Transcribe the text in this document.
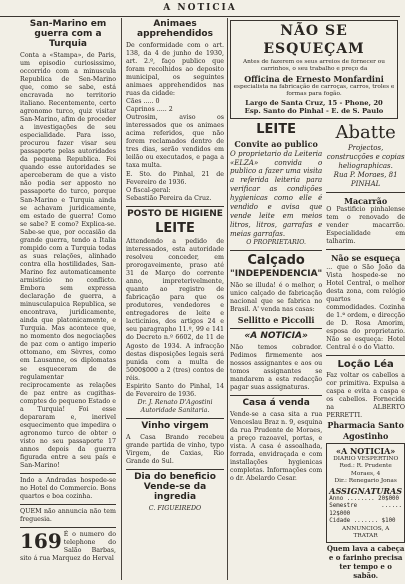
A NOTICIA
San-Marino em guerra com a Turquia
Conta a «Stampa», de Paris, um episodio curiosissimo, occorrido com a minuscula Republica de Sen-Marino que, como se sabe, está encravada no territorio italiano. Recentemente, certo agronomo turco, quiz visitar San-Marino, afim de proceder a investigações de seu especialidade. Para isso, procurou fazer visar seu passaporte pelas autoridades da pequena Republica. Foi quando esse autoridades se aperceberam de que a visto não podia ser apposto no passaporte do turco, porque San-Marino e Turquia ainda se achavam juridicamente, em estado de guerra! Como se sabe? E como? Explica-se. Sabe-se que, por occasião da grande guerra, tendo a Italia rompido com a Turquia todas as suas relações, alinhado contra ella hostilidades, San-Marino fez automaticamente armistício no conflicto. Embora sem expressa declaração de guerra, a minusculapuica Republica, se encontrava, juridicamente, ainda que platonicamente, e Turquia. Mas acontece que, no momento dos negociações de paz com o antigo imperio ottomano, em Sèvres, como em Lausanne, os diplomatas se esqueceram de de regulamentar reciprocamente as relações de paz entre as cugithas-comptes do pequeno Estado e a Turquia! Foi esse depararam e, inerivel esquecimento que impedira o agronomo turco de obter o visto no seu passaporte 17 annos depois da guerra figurada entre a seu país e San-Marino!
Indo a Andradas hospede-se no Hotel do Commercio. Bons quartos e boa cozinha.
QUEM não annuncia não tem freguesia.
169 É o numero do telephone do Salão Barbas, sito á rua Marquez do Herval
Animaes apprehendidos
De conformidade com o art. 138, da 4 de junho de 1930, art. 2.º, faço publico que foram recolhidos ao deposito municipal, os seguintes animaes apprehendidos nas ruas da cidade:
Cães ..... 0
Caprinos ..... 2
Outrosim, aviso os interessados que os animaes acima referidos, que não forem reclamados dentro de tres dias, serão vendidos em leilão ou executados, e paga a taxa multa.
E. Sto. do Pinhal, 21 de Fevereiro de 1936.
O fiscal-geral:
Sebastião Pereira da Cruz.
POSTO DE HIGIENE
LEITE
Attendendo a pedido de interessados, esta autoridade resolveu conceder, em prorogaveimente, praso até 31 de Março do corrente anno, impreterivelmente, quanto ao registro de fabricação para que os produtores, vendedores e entregadores de leite e lacticinios, dos artigos 24 e seu paragrapho 11.º, 99 e 141 do Decreto n.º 6602, de 11 de Agosto de 1934. A infracção destas disposições legais será punida com a multa de 5000$000 a 2 (tres) contos de réis.
Espirito Santo do Pinhal, 14 de Fevereiro de 1936.
Dr. J. Renato D'Agostini
Autoridade Sanitaria.
Vinho virgem
A Casa Brando recebeu grande partida de vinho, typo Virgem, de Caxias, Rio Grande do Sul.
Dia do beneficio Vende-se da ingredia
C. FIGUEIREDO
NÃO SE ESQUEÇAM
Antes de fazerem os seus arreios de fornecer ou carrinhos, o seu trabalho e preço da
Officina de Ernesto Monfardini
especialista na fabricação de carroças, carros, troles e formas para fogão.
Largo de Santa Cruz, 15 - Phone, 20
Esp. Santo do Pinhal - E. de S. Paulo
LEITE
Convite ao publico
O proprietario da Leiteria «ELZA» convida o publico a fazer uma visita a referida leiteria para verificar as condições hygienicas como elle é vendido e avisa que vende leite em meios litros, litros, garrafas e meias garrafas.
O PROPRIETARIO.
Calçado
"INDEPENDENCIA"
Não se illuda! é o melhor, o unico calçado de fabricação nacional que se fabrica no Brasil. A' venda nas casas:
Sellitto e Piccolli
«A NOTICIA»
Não temos cobrador. Pedimos firmemente aos nossos assignantes e aos ou tomos assignantes se mandarem a esta redacção pagar suas assignaturas.
Casa á venda
Vende-se a casa sita a rua Venceslau Braz n. 9, esquina da rua Prudente de Moraes, a preço razoavel, portas, e vista. A casa é assoalhada, forrada, envidraçada e com installações hygienicas completas. Informações com o dr. Abelardo Cesar.
Abatte
Projectos, construcções e copias heliographicas.
Rua P. Moraes, 81
PINHAL
Macarrão
O Pastificio pinhalense tem o renovado de vender macarrão. Especialidade em talharim.
Não se esqueça
... que o São João da Vista hospede-se no Hotel Central, o melhor desta zona, com relógio quartos e commodidades. Cozinha de 1.ª ordem, e direcção de D. Rosa Amorim, esposa do proprietario. Não se esqueça: Hotel Central é o do Viatto.
Loção Léa
Faz voltar os cabellos a cor primitiva. Expulsa a caspa e evita a caspa e os cabellos. Fornecida na ALBERTO PERRETTI.
Pharmacia Santo Agostinho
«A NOTICIA»
DIARIO VESPERTINO
Red.: R. Prudente Moraes, 4
Dir.: Renegario Jonas
ASSIGNATURAS
Anno ........ 20$000
Semestre ...... 12$000
Cidade ....... $100
ANNUNCIOS, A TRATAR
Quem lava a cabeça e o farinho precisa ter tempo e o sabão.
